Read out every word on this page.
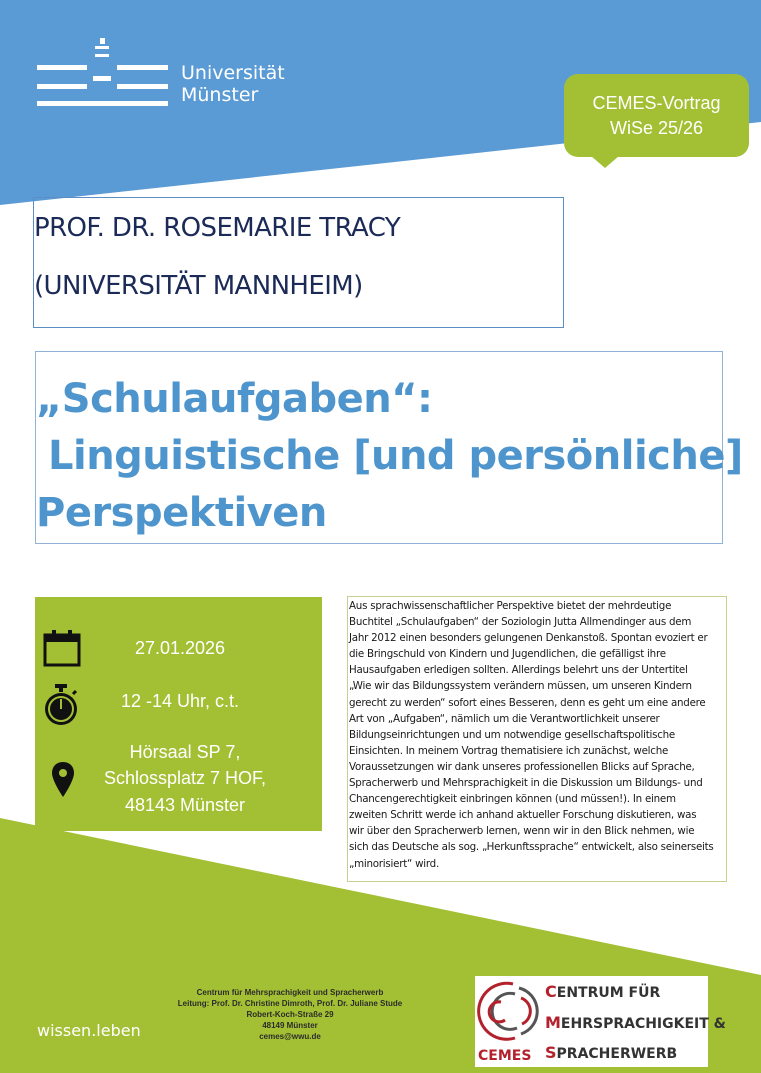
Universität
Münster	CEMES-Vortrag
WiSe 25/26
PROF. DR. ROSEMARIE TRACY
(UNIVERSITÄT MANNHEIM)
„Schulaufgaben“:
Linguistische [und persönliche]
Perspektiven
27.01.2026
12 -14 Uhr, c.t.
Hörsaal SP 7,
Schlossplatz 7 HOF,
48143 Münster
Aus sprachwissenschaftlicher Perspektive bietet der mehrdeutige
Buchtitel „Schulaufgaben“ der Soziologin Jutta Allmendinger aus dem
Jahr 2012 einen besonders gelungenen Denkanstoß. Spontan evoziert er
die Bringschuld von Kindern und Jugendlichen, die gefälligst ihre
Hausaufgaben erledigen sollten. Allerdings belehrt uns der Untertitel
„Wie wir das Bildungssystem verändern müssen, um unseren Kindern
gerecht zu werden“ sofort eines Besseren, denn es geht um eine andere
Art von „Aufgaben“, nämlich um die Verantwortlichkeit unserer
Bildungseinrichtungen und um notwendige gesellschaftspolitische
Einsichten. In meinem Vortrag thematisiere ich zunächst, welche
Voraussetzungen wir dank unseres professionellen Blicks auf Sprache,
Spracherwerb und Mehrsprachigkeit in die Diskussion um Bildungs- und
Chancengerechtigkeit einbringen können (und müssen!). In einem
zweiten Schritt werde ich anhand aktueller Forschung diskutieren, was
wir über den Spracherwerb lernen, wenn wir in den Blick nehmen, wie
sich das Deutsche als sog. „Herkunftssprache“ entwickelt, also seinerseits
„minorisiert“ wird.
Centrum für Mehrsprachigkeit und Spracherwerb
Leitung: Prof. Dr. Christine Dimroth, Prof. Dr. Juliane Stude
Robert-Koch-Straße 29
48149 Münster
cemes@wwu.de
wissen.leben
CEMES
CENTRUM FÜR
MEHRSPRACHIGKEIT &
SPRACHERWERB
